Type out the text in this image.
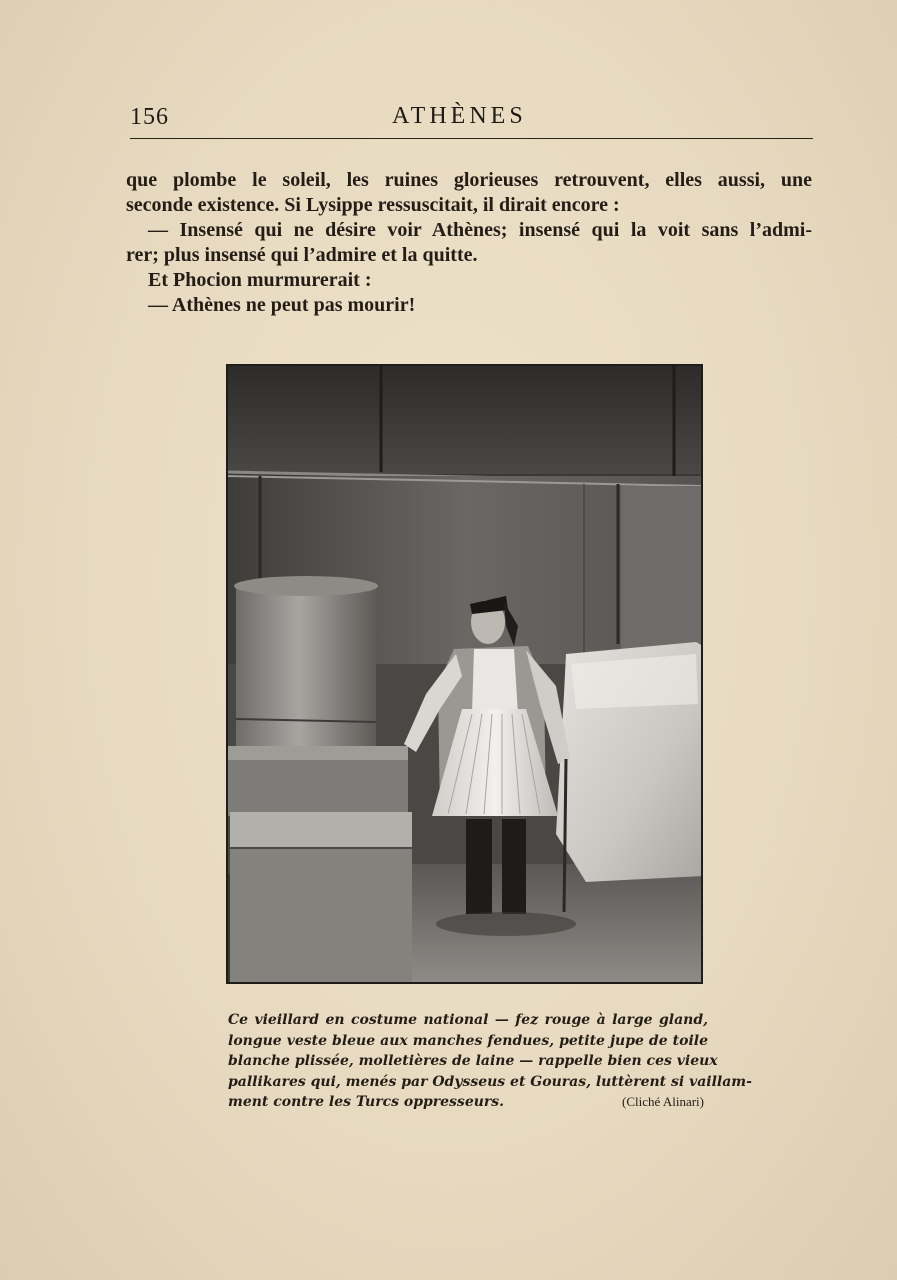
156	ATHÈNES
que plombe le soleil, les ruines glorieuses retrouvent, elles aussi, une
seconde existence. Si Lysippe ressuscitait, il dirait encore :
— Insensé qui ne désire voir Athènes; insensé qui la voit sans l’admi-
rer; plus insensé qui l’admire et la quitte.
Et Phocion murmurerait :
— Athènes ne peut pas mourir!
Ce vieillard en costume national — fez rouge à large gland,
longue veste bleue aux manches fendues, petite jupe de toile
blanche plissée, molletières de laine — rappelle bien ces vieux
pallikares qui, menés par Odysseus et Gouras, luttèrent si vaillam-
ment contre les Turcs oppresseurs.	(Cliché Alinari)
